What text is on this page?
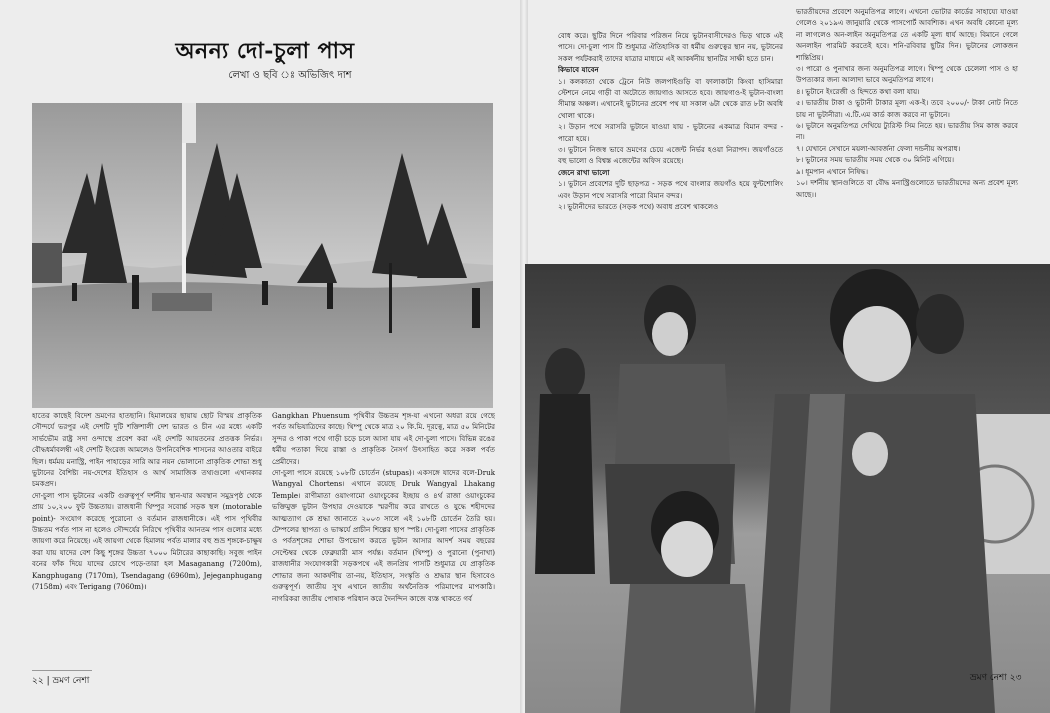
অনন্য দো-চুলা পাস
লেখা ও ছবি ঃ অভিজিৎ দাশ

হাতের কাছেই বিদেশ ভ্রমণের হাতছানি। হিমালয়ের ছায়ায় ছোট বিস্ময় প্রাকৃতিক সৌন্দর্যে ভরপুর এই দেশটি দুটি শক্তিশালী দেশ ভারত ও চীন এর মধ্যে একটি সার্ভভৌম রাষ্ট্র সদা ওন্দাস্থে প্রবেশ করা এই দেশটি আয়তনের প্রতত্তক নির্ভর। বৌদ্ধধর্মাবলম্বী এই দেশটি ইংরেজ আমলেও উপনিবেশিক শাসনের আওতার বাইরে ছিল। ধর্মময় মনাস্ট্রি, পাইন পাহাড়ের সারি আর নয়ন ভোলানো প্রাকৃতিক শোভা শুধু ভুটানের বৈশিষ্ট্য নয়-দেশের ইতিহাস ও আর্থ সামাজিক তথ্যগুলো এখানকার চমকপ্রদ।

দো-চুলা পাস ভুটানের একটি গুরুত্বপূর্ণ দর্শনীয় স্থান-যার অবস্থান সমুদ্রপৃষ্ঠ থেকে প্রায় ১০,২০০ ফুট উচ্চতায়। রাজধানী থিম্পুর সবোর্চ্চ সড়ক স্থল (motorable point)- সংযোগ করেছে পুরোনো ও বর্তমান রাজধানীকে। এই পাস পৃথিবীর উচ্চতম পর্বত পাস না হলেও সৌন্দর্যের নিরিখে পৃথিবীর আনতম পাস গুলোর মধ্যে জায়গা করে নিয়েছে। এই জায়গা থেকে হিমালয় পর্বত মালার বহু শুভ্র শৃঙ্গকে-চাক্ষুষ করা যায় যাদের বেশ কিছু শৃঙ্গের উচ্চতা ৭০০০ মিটারের কাছাকাছি। সবুজ পাইন বনের ফাঁক দিয়ে যাদের চোখে পড়ে-তারা হল Masaganang (7200m), Kangphugang (7170m), Tsendagang (6960m), Jejeganphugang (7158m) এবং Terigang (7060m)।

Gangkhan Phuensum পৃথিবীর উচ্চতম শৃঙ্গ-যা এখনো অধরা রয়ে গেছে পর্বত অভিযাত্রিদের কাছে। থিম্পু থেকে মাত্র ২০ কি.মি. দূরত্বে, মাত্র ৫০ মিনিটের সুন্দর ও পাকা পথে গাড়ী চড়ে চলে আসা যায় এই দো-চুলা পাসে। বিভিন্ন রঙের ধর্মীয় পতাকা দিয়ে রাস্তা ও প্রাকৃতিক নৈসর্গ উৎসাহিত করে সকল পর্বত প্রেমীদের।

দো-চুলা পাসে রয়েছে ১০৮টি চোর্তেন (stupas)। একসঙ্গে যাদের বলে-Druk Wangyal Chortens। এখানে রয়েছে Druk Wangyal Lhakang Temple। রাণীমাতা ওয়াংগামো ওয়াংচুকের ইচ্ছায় ও ৪র্থ রাজা ওয়াংচুকের ভক্তিমুক্ত ভুটান উপহার দেওয়াকে স্মরণীয় করে রাখতে ও যুদ্ধে শহীদদের আত্মত্যাগ কে শ্রদ্ধা জানাতে ২০০৩ সালে এই ১০৮টি চোর্তেন তৈরি হয়। টেম্পলের স্থাপত্য ও ভাস্কর্যে প্রাচীন শিল্পের ছাপ স্পষ্ট। দো-চুলা পাসের প্রাকৃতিক ও পর্বতশৃঙ্গের শোভা উপভোগ করতে ভুটান আসার আদর্শ সময় বছরের সেপ্টেম্বর থেকে ফেব্রুয়ারী মাস পর্যন্ত। বর্তমান (থিম্পু) ও পুরানো (পুনাখা) রাজধানীর সংযোগকারী সড়কপথে এই জনপ্রিয় পাসটি শুধুমাত্র যে প্রাকৃতিক শোভার জন্য আকর্ষণীয় তা-নয়, ইতিহাস, সংস্কৃতি ও শ্রদ্ধার স্থান হিসাবেও গুরুত্বপূর্ণ। জাতীয় সুখ এখানে জাতীয় অর্থনৈতিক পরিমাপের মাপকাঠি। নাগরিকরা জাতীয় পোষাক পরিধান করে দৈনন্দিন কাজে ব্যস্ত থাকতে গর্ব

বোধ করে। ছুটির দিনে পরিবার পরিজন নিয়ে ভুটানবাসীদেরও ভিড় থাকে এই পাসে। দো-চুলা পাস টি শুধুমাত্র ঐতিহাসিক বা ধর্মীয় গুরুত্বের স্থান নয়, ভুটানের সকল পর্যটকরাই তাদের যাত্রার মাধ্যমে এই আকর্ষনীয় স্থানটির সাক্ষী হতে চান।

কিভাবে যাবেন

১। কলকাতা থেকে ট্রেনে নিউ জলপাইগুড়ি বা ফালাকাটা কিংবা হাসিমারা স্টেশনে নেমে গাড়ী বা অটোতে জায়গাও আসতে হবে। জায়গাও-ই ভুটান-বাংলা সীমান্ত অঞ্চল। এখানেই ভুটানের প্রবেশ পথ যা সকাল ৬টা থেকে রাত ৮টা অবধি খোলা থাকে।

২। উড়ান পথে সরাসরি ভুটানে যাওয়া যায় - ভুটানের একমাত্র বিমান বন্দর - পারো হয়ে।

৩। ভুটানে নিজস্ব ভাবে ভ্রমণের চেয়ে এজেন্ট নির্ভর হওয়া নিরাপদ। জয়গাঁওতে বহু ভালো ও বিশ্বস্ত এজেন্টের অফিস রয়েছে।

জেনে রাখা ভালো

১। ভুটানে প্রবেশের দুটি ছাড়পত্র - সড়ক পথে বাংলার জয়গাঁও হয়ে ফুন্টশোলিং এবং উড়ান পথে সরাসরি পারো বিমান বন্দর।

২। ভুটানীদের ভারতে (সড়ক পথে) অবাধ প্রবেশ থাকলেও

ভারতীয়দের প্রবেশে অনুমতিপত্র লাগে। এখনো ভোটার কার্ডের সাহায্যে যাওয়া গেলেও ২০১৯এ জানুয়ারি থেকে পাসপোর্ট আবশ্যিক। এখন অবধি কোনো মূল্য না লাগলেও অন-লাইন অনুমতিপত্র তে একটি মূল্য ধার্য আছে। বিমানে গেলে অনলাইন পারমিট করতেই হবে। শনি-রবিবার ছুটির দিন। ভুটানের লোকজন শান্তিপ্রিয়।

৩। পারো ও পুনাখার জন্য অনুমতিপত্র লাগে। থিম্পু থেকে চেলেলা পাস ও হা উপত্যকার জন্য আলাদা ভাবে অনুমতিপত্র লাগে।

৪। ভুটানে ইংরেজী ও হিন্দতে কথা বলা যায়।

৫। ভারতীয় টাকা ও ভুটানী টাকার মূল্য এক-ই। তবে ২০০০/- টাকা নোট নিতে চায় না ভুটানীরা। এ.টি.এম কার্ড কাজ করবে না ভুটানে।

৬। ভুটানে অনুমতিপত্র দেখিয়ে ট্যুরিস্ট সিম নিতে হয়। ভারতীয় সিম কাজ করবে না।

৭। যেখানে সেখানে ময়লা-আবর্জনা ফেলা দন্ডনীয় অপরাধ।

৮। ভুটানের সময় ভারতীয় সময় থেকে ৩০ মিনিট এগিয়ে।

৯। ধূমপান এখানে নিষিদ্ধ।

১০। দর্শনীয় স্থানগুলিতে বা বৌদ্ধ মনাস্ট্রিগুলোতে ভারতীয়দের অন্য প্রবেশ মূল্য আছে।।

২২ | ভ্রমণ নেশা	ভ্রমণ নেশা ২৩
